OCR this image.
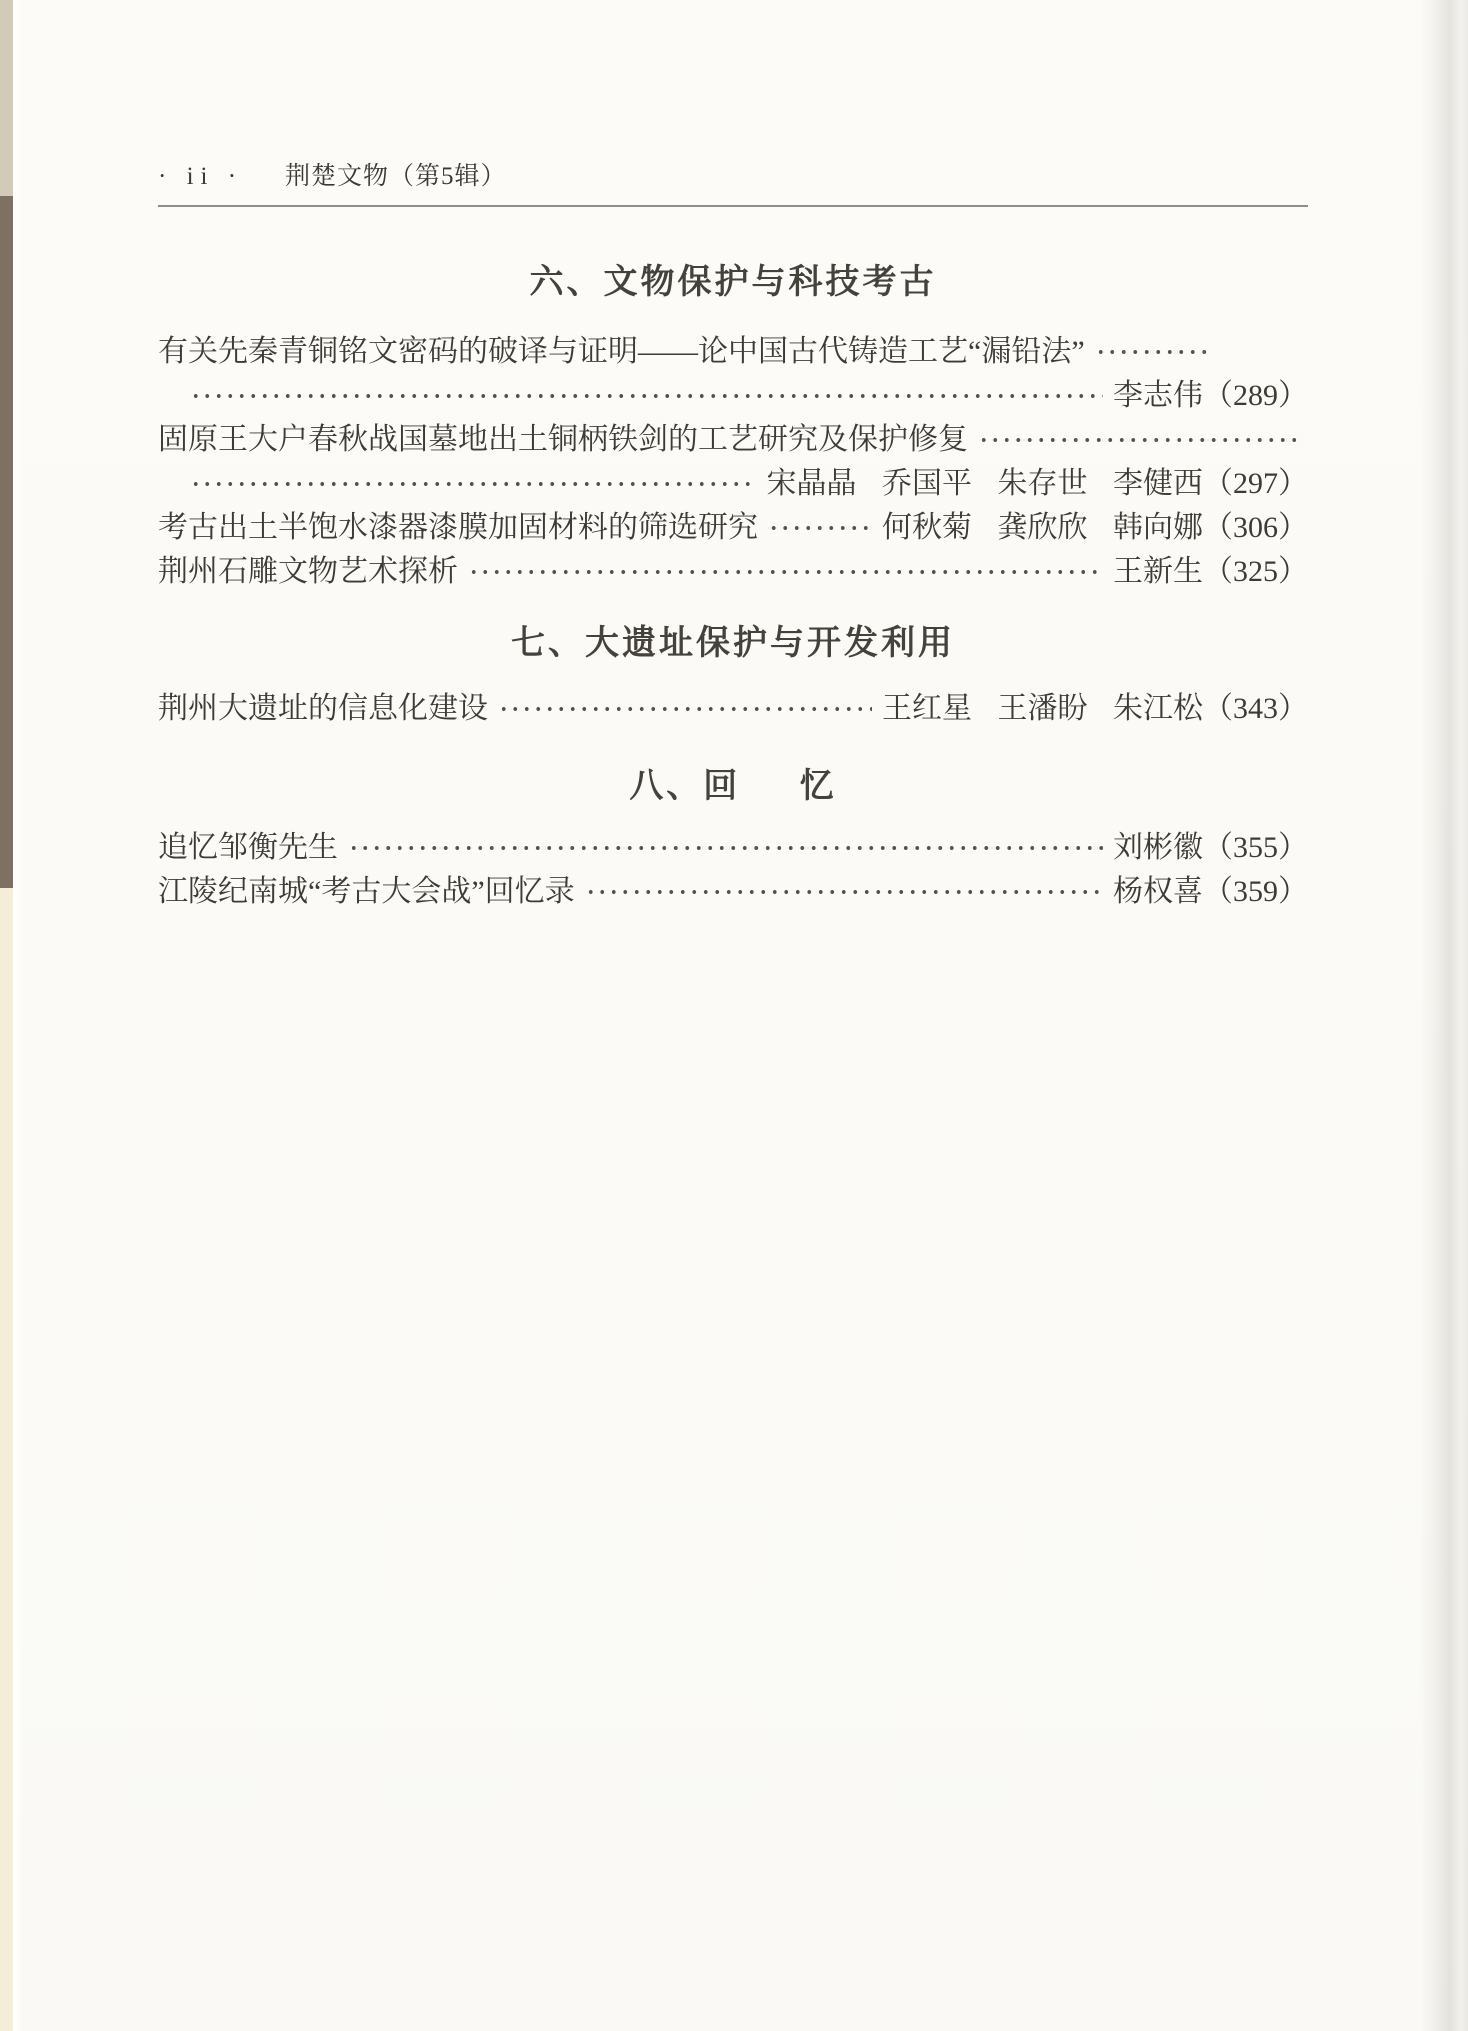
· ii · 荆楚文物（第5辑）
六、文物保护与科技考古
有关先秦青铜铭文密码的破译与证明——论中国古代铸造工艺“漏铅法”
李志伟 （289）
固原王大户春秋战国墓地出土铜柄铁剑的工艺研究及保护修复
宋晶晶 乔国平 朱存世 李健西 （297）
考古出土半饱水漆器漆膜加固材料的筛选研究	何秋菊 龚欣欣 韩向娜 （306）
荆州石雕文物艺术探析	王新生 （325）
七、大遗址保护与开发利用
荆州大遗址的信息化建设	王红星 王潘盼 朱江松 （343）
八、回    忆
追忆邹衡先生	刘彬徽 （355）
江陵纪南城“考古大会战”回忆录	杨权喜 （359）
